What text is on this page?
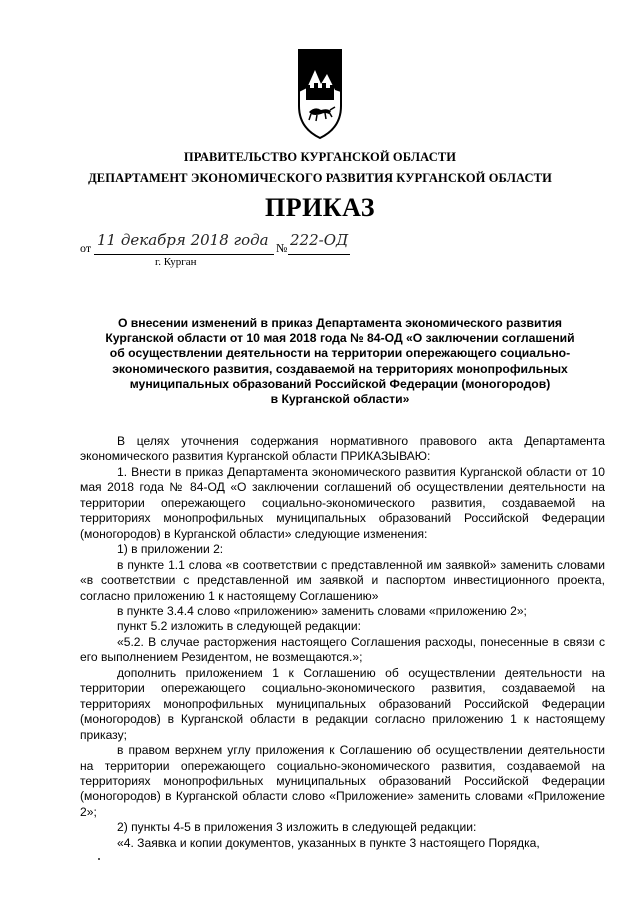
ПРАВИТЕЛЬСТВО КУРГАНСКОЙ ОБЛАСТИ
ДЕПАРТАМЕНТ ЭКОНОМИЧЕСКОГО РАЗВИТИЯ КУРГАНСКОЙ ОБЛАСТИ
ПРИКАЗ
от 11 декабря 2018 года № 222-ОД
г. Курган
О внесении изменений в приказ Департамента экономического развития
Курганской области от 10 мая 2018 года № 84-ОД «О заключении соглашений
об осуществлении деятельности на территории опережающего социально-
экономического развития, создаваемой на территориях монопрофильных
муниципальных образований Российской Федерации (моногородов)
в Курганской области»

В целях уточнения содержания нормативного правового акта Департамента экономического развития Курганской области ПРИКАЗЫВАЮ:

1. Внести в приказ Департамента экономического развития Курганской области от 10 мая 2018 года № 84-ОД «О заключении соглашений об осуществлении деятельности на территории опережающего социально-экономического развития, создаваемой на территориях монопрофильных муниципальных образований Российской Федерации (моногородов) в Курганской области» следующие изменения:

1) в приложении 2:

в пункте 1.1 слова «в соответствии с представленной им заявкой» заменить словами «в соответствии с представленной им заявкой и паспортом инвестиционного проекта, согласно приложению 1 к настоящему Соглашению»

в пункте 3.4.4 слово «приложению» заменить словами «приложению 2»;

пункт 5.2 изложить в следующей редакции:

«5.2. В случае расторжения настоящего Соглашения расходы, понесенные в связи с его выполнением Резидентом, не возмещаются.»;

дополнить приложением 1 к Соглашению об осуществлении деятельности на территории опережающего социально-экономического развития, создаваемой на территориях монопрофильных муниципальных образований Российской Федерации (моногородов) в Курганской области в редакции согласно приложению 1 к настоящему приказу;

в правом верхнем углу приложения к Соглашению об осуществлении деятельности на территории опережающего социально-экономического развития, создаваемой на территориях монопрофильных муниципальных образований Российской Федерации (моногородов) в Курганской области слово «Приложение» заменить словами «Приложение 2»;

2) пункты 4-5 в приложения 3 изложить в следующей редакции:

«4. Заявка и копии документов, указанных в пункте 3 настоящего Порядка,
